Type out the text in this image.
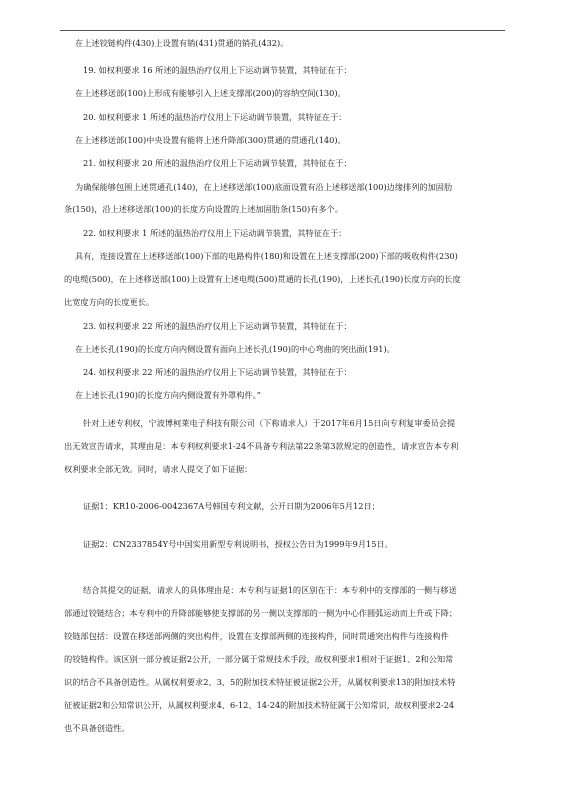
在上述铰链构件(430)上设置有销(431)贯通的销孔(432)。
19. 如权利要求 16 所述的温热治疗仪用上下运动调节装置，其特征在于：
在上述移送部(100)上形成有能够引入上述支撑部(200)的容纳空间(130)。
20. 如权利要求 1 所述的温热治疗仪用上下运动调节装置，其特征在于：
在上述移送部(100)中央设置有能将上述升降部(300)贯通的贯通孔(140)。
21. 如权利要求 20 所述的温热治疗仪用上下运动调节装置，其特征在于：
为确保能够包围上述贯通孔(140)，在上述移送部(100)底面设置有沿上述移送部(100)边缘排列的加固肋
条(150)，沿上述移送部(100)的长度方向设置的上述加固肋条(150)有多个。
22. 如权利要求 1 所述的温热治疗仪用上下运动调节装置，其特征在于：
具有，连接设置在上述移送部(100)下部的电路构件(180)和设置在上述支撑部(200)下部的吸收构件(230)
的电缆(500)，在上述移送部(100)上设置有上述电缆(500)贯通的长孔(190)，上述长孔(190)长度方向的长度
比宽度方向的长度更长。
23. 如权利要求 22 所述的温热治疗仪用上下运动调节装置，其特征在于：
在上述长孔(190)的长度方向内侧设置有面向上述长孔(190)的中心弯曲的突出面(191)。
24. 如权利要求 22 所述的温热治疗仪用上下运动调节装置，其特征在于：
在上述长孔(190)的长度方向内侧设置有外罩构件。”
针对上述专利权，宁波博柯莱电子科技有限公司（下称请求人）于2017年6月15日向专利复审委员会提
出无效宣告请求，其理由是：本专利权利要求1-24不具备专利法第22条第3款规定的创造性，请求宣告本专利
权利要求全部无效。同时，请求人提交了如下证据：
证据1：KR10-2006-0042367A号韩国专利文献，公开日期为2006年5月12日；
证据2：CN2337854Y号中国实用新型专利说明书，授权公告日为1999年9月15日。
结合其提交的证据，请求人的具体理由是：本专利与证据1的区别在于：本专利中的支撑部的一侧与移送
部通过铰链结合；本专利中的升降部能够使支撑部的另一侧以支撑部的一侧为中心作圆弧运动而上升或下降；
铰链部包括：设置在移送部两侧的突出构件，设置在支撑部两侧的连接构件，同时贯通突出构件与连接构件
的铰链构件。该区别一部分被证据2公开，一部分属于常规技术手段，故权利要求1相对于证据1、2和公知常
识的结合不具备创造性。从属权利要求2、3、5的附加技术特征被证据2公开，从属权利要求13的附加技术特
征被证据2和公知常识公开，从属权利要求4、6-12、14-24的附加技术特征属于公知常识，故权利要求2-24
也不具备创造性。
